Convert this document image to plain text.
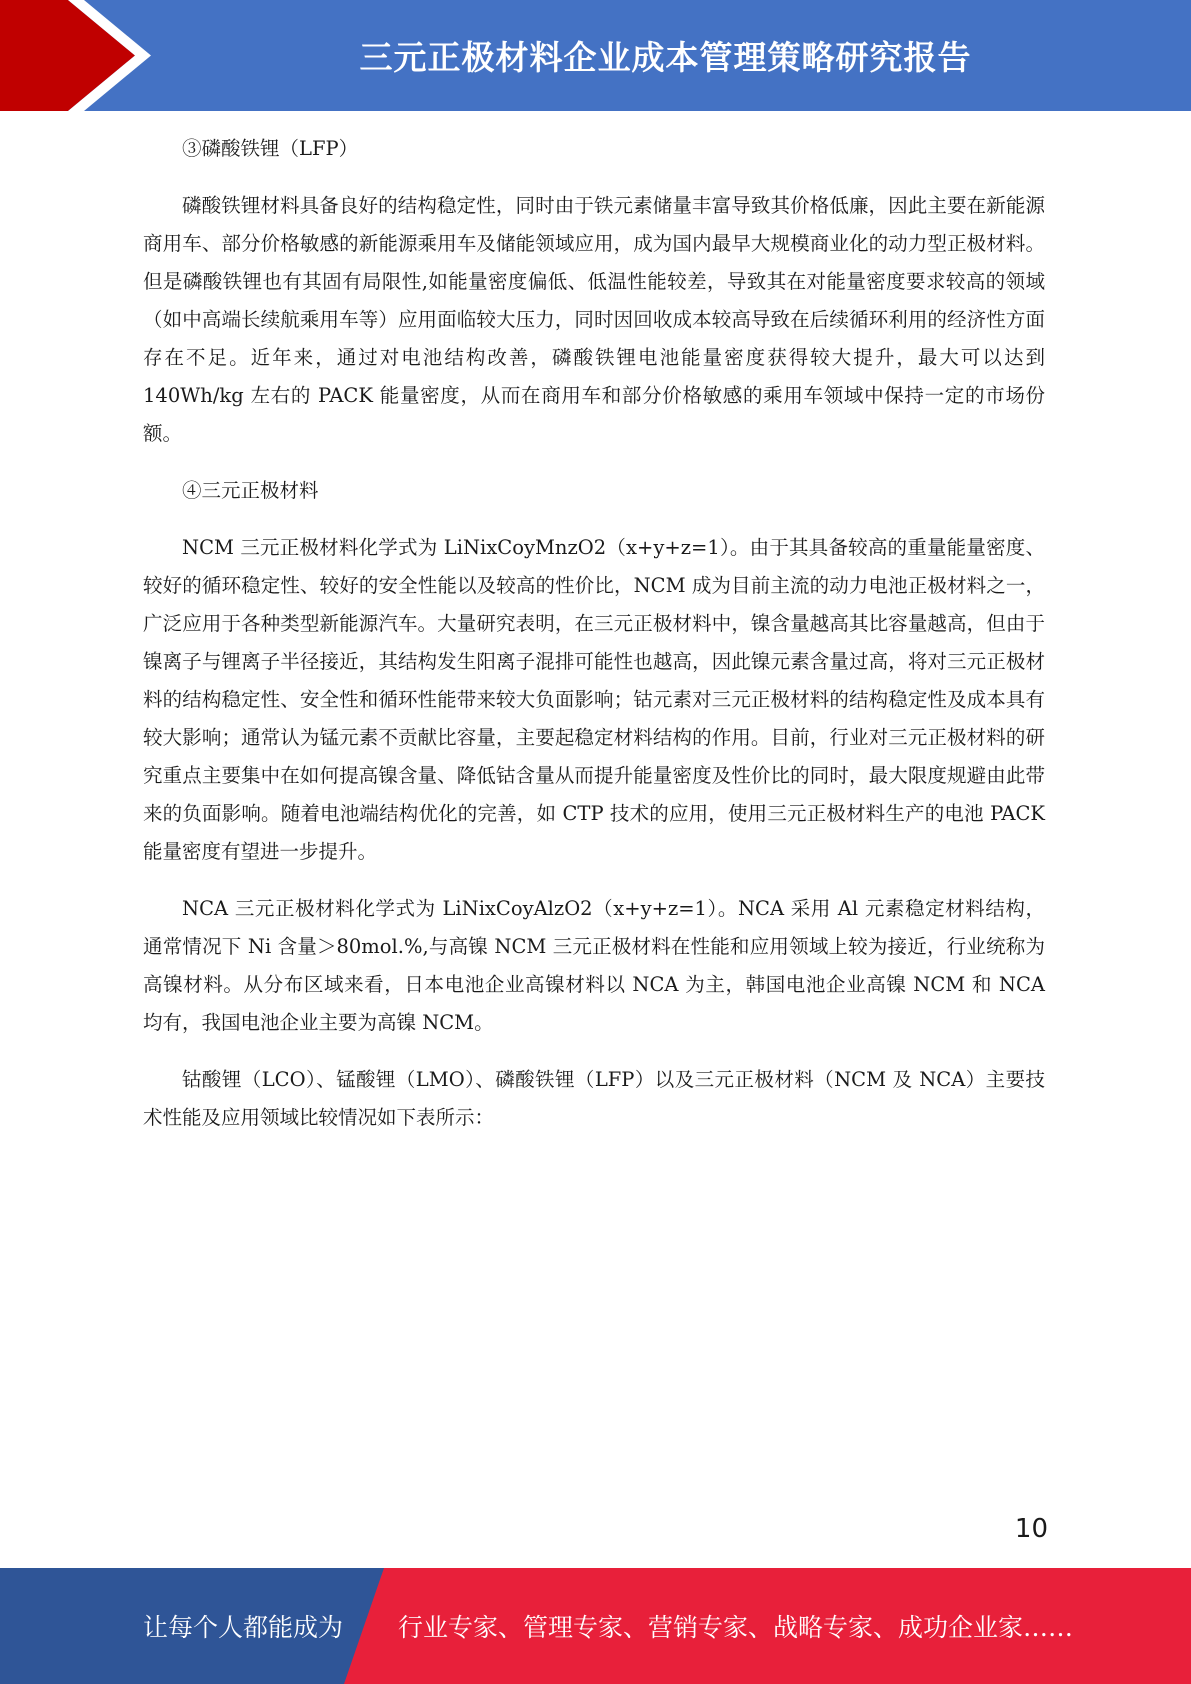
三元正极材料企业成本管理策略研究报告

③磷酸铁锂（LFP）

磷酸铁锂材料具备良好的结构稳定性，同时由于铁元素储量丰富导致其价格低廉，因此主要在新能源商用车、部分价格敏感的新能源乘用车及储能领域应用，成为国内最早大规模商业化的动力型正极材料。但是磷酸铁锂也有其固有局限性,如能量密度偏低、低温性能较差，导致其在对能量密度要求较高的领域（如中高端长续航乘用车等）应用面临较大压力，同时因回收成本较高导致在后续循环利用的经济性方面存在不足。近年来，通过对电池结构改善，磷酸铁锂电池能量密度获得较大提升，最大可以达到 140Wh/kg 左右的 PACK 能量密度，从而在商用车和部分价格敏感的乘用车领域中保持一定的市场份额。

④三元正极材料

NCM 三元正极材料化学式为 LiNixCoyMnzO2（x+y+z=1）。由于其具备较高的重量能量密度、较好的循环稳定性、较好的安全性能以及较高的性价比，NCM 成为目前主流的动力电池正极材料之一，广泛应用于各种类型新能源汽车。大量研究表明，在三元正极材料中，镍含量越高其比容量越高，但由于镍离子与锂离子半径接近，其结构发生阳离子混排可能性也越高，因此镍元素含量过高，将对三元正极材料的结构稳定性、安全性和循环性能带来较大负面影响；钴元素对三元正极材料的结构稳定性及成本具有较大影响；通常认为锰元素不贡献比容量，主要起稳定材料结构的作用。目前，行业对三元正极材料的研究重点主要集中在如何提高镍含量、降低钴含量从而提升能量密度及性价比的同时，最大限度规避由此带来的负面影响。随着电池端结构优化的完善，如 CTP 技术的应用，使用三元正极材料生产的电池 PACK 能量密度有望进一步提升。

NCA 三元正极材料化学式为 LiNixCoyAlzO2（x+y+z=1）。NCA 采用 Al 元素稳定材料结构，通常情况下 Ni 含量＞80mol.%,与高镍 NCM 三元正极材料在性能和应用领域上较为接近，行业统称为高镍材料。从分布区域来看，日本电池企业高镍材料以 NCA 为主，韩国电池企业高镍 NCM 和 NCA 均有，我国电池企业主要为高镍 NCM。

钴酸锂（LCO）、锰酸锂（LMO）、磷酸铁锂（LFP）以及三元正极材料（NCM 及 NCA）主要技术性能及应用领域比较情况如下表所示：

10
让每个人都能成为 行业专家、管理专家、营销专家、战略专家、成功企业家……
